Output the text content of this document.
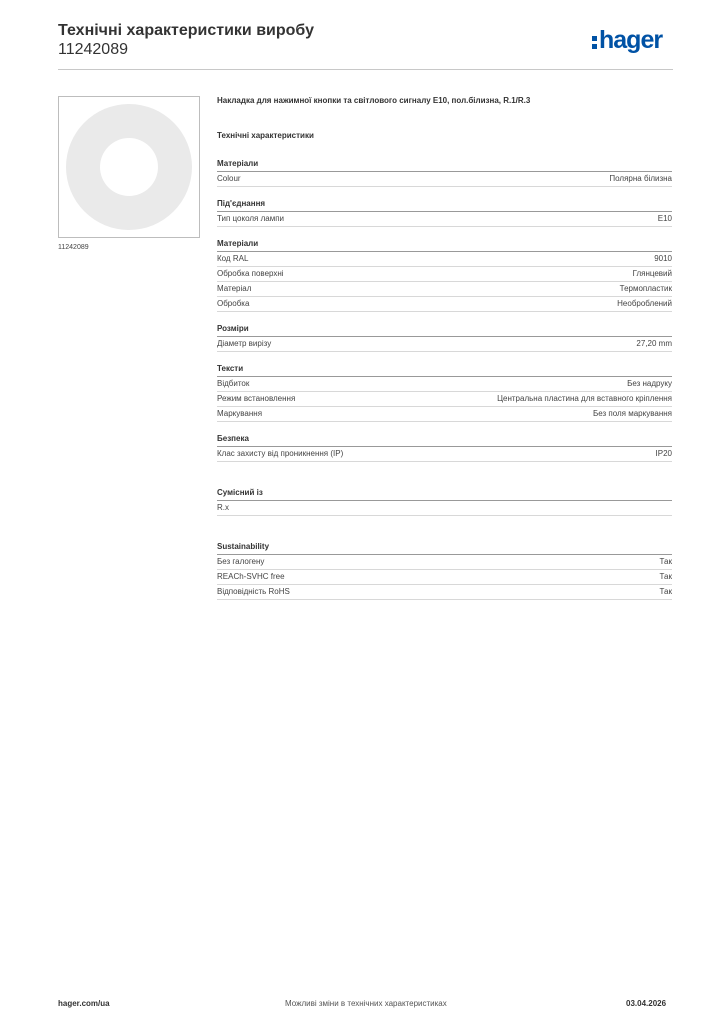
Технічні характеристики виробу
11242089	hager
11242089
Накладка для нажимної кнопки та світлового сигналу E10, пол.білизна, R.1/R.3
Технічні характеристики
Матеріали
Colour	Полярна білизна
Під'єднання
Тип цоколя лампи	E10
Матеріали
Код RAL	9010
Обробка поверхні	Глянцевий
Матеріал	Термопластик
Обробка	Необроблений
Розміри
Діаметр вирізу	27,20 mm
Тексти
Відбиток	Без надруку
Режим встановлення	Центральна пластина для вставного кріплення
Маркування	Без поля маркування
Безпека
Клас захисту від проникнення (IP)	IP20
Сумісний із
R.x
Sustainability
Без галогену	Так
REACh-SVHC free	Так
Відповідність RoHS	Так
hager.com/ua	Можливі зміни в технічних характеристиках	03.04.2026
